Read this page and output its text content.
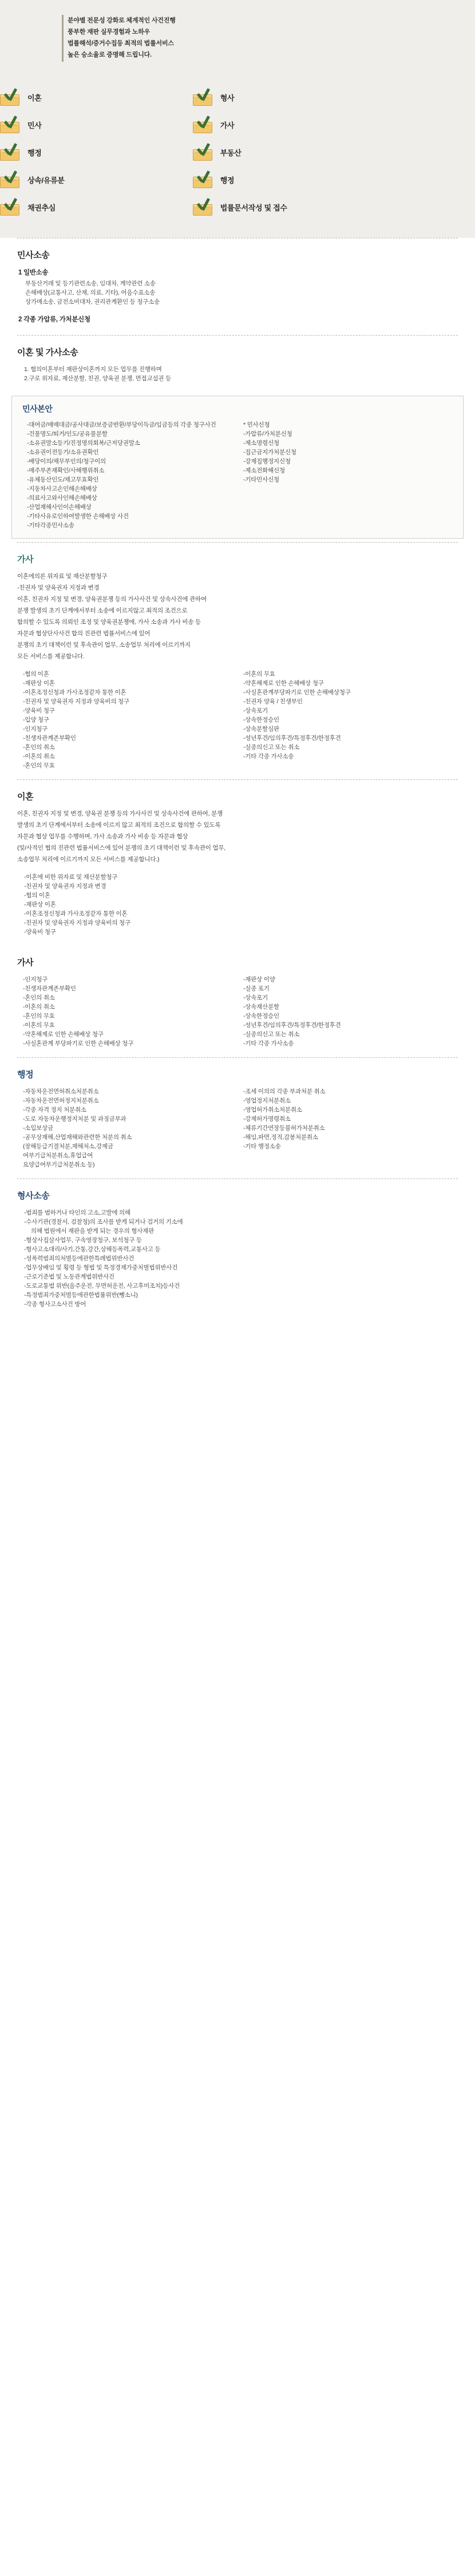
분야별 전문성 강화로 체계적인 사건진행
풍부한 재판 실무경험과 노하우
법률해석/증거수집등 최적의 법률서비스
높은 승소율로 증명해 드립니다.
이혼	형사

민사	가사

행정	부동산

상속/유류분	행정

채권추심	법률문서작성 및 접수
민사소송
1 일반소송
부동산거래 및 등기관련소송, 임대차, 계약관련 소송
손해배상(교통사고, 산재, 의료, 기타), 어음수표소송
상가매소송, 금전소비대차, 권리관계환인 등 청구소송
2 각종 가압류, 가처분신청
이혼 및 가사소송
1. 협의이혼부터 재판상이혼까지 모든 업무를 진행하며
2.구로 위자료, 재산분할, 친권, 양육권 분쟁, 면접교섭권 등
민사본안
-대여금/매매대금/공사대금/보증금반환/부당이득금/임금등의 각종 청구사건
-건물명도/퇴거/인도/공유물분할
-소유권말소등기/진정명의회복/근저당권말소
-소유권이전등기/소유권확인
-배당이의/채무부인의/청구이의
-매주부존재확인/사해행위취소
-유체동산인도/채고무효확인
-지동차사고손인해손해배상
-의료사고와사인해손해배상
-산업재해사인이손해배상
-기타사유로인하여발생한 손해배상 사건
-기타각종민사소송
* 민사신청
-가압류/가처분신청
-제소명령신청
-집근금지가처분신청
-강제집행정지신청
-제소전화해신청
-기타민사신청
가사
이혼에의론 위자료 및 재산분할청구
-친권자 및 양육권자 지정과 변경
이혼, 친권자 지정 및 변경, 양육권분쟁 등의 가사사건 및 상속사건에 관하여
분쟁 발생의 초기 단계에서부터 소송에 이르지않고 최적의 조건으로
합의할 수 있도록 의뢰인 조정 및 양육권분쟁에, 가사 소송과 가사 비송 등
자문과 협상단사사건 합의 진관련 법률서비스에 있어
분쟁의 초기 대책이런 및 후속관이 업무, 소송업무 처리에 이르기까지
모든 서비스를 제공합니다.
-협의 이혼
-재판상 이혼
-이혼조정신청과 가사조정같자 통한 이혼
-친권자 및 양육권자 지정과 양육비의 청구
-양육비 청구
-입양 청구
-인지청구
-친생자관계존부확인
-혼인의 취소
-이혼의 취소
-혼인의 무효
-이혼의 무효
-약혼해제로 인한 손해배상 청구
-사실혼관계부당파기로 인한 손해배상청구
-친권자 양육 / 친생부인
-상속포기
-상속한정승인
-상속분할심판
-성년후견/임의후견/특정후견/한정후견
-실종의신고 또는 취소
-기타 각종 가사소송
이혼
이혼, 친권자 지정 및 변경, 양육권 분쟁 등의 가사사건 및 상속사건에 관하여, 분쟁
발생의 초기 단계에서부터 소송에 이르지 않고 최적의 조건으로 합의할 수 있도록
자문과 협상 업무를 수행하며, 가사 소송과 가사 비송 등 자문과 협상
(및/사적인 협의 진관련 법률서비스에 있어 분쟁의 초기 대책이런 및 후속관이 업무,
소송업무 처리에 이르기까지 모든 서비스를 제공합니다.)
-이혼에 비한 위자료 및 재산분할청구
-친권자 및 양육권자 지정과 변경
-협의 이혼
-재판상 이혼
-이혼조정신청과 가사조정같자 통한 이혼
-친권자 및 양육권자 지정과 양육비의 청구
-양육비 청구
가사
-인지청구
-친생자관계존부확인
-혼인의 취소
-이혼의 취소
-혼인의 무효
-이혼의 무효
-약혼해제로 인한 손해배상 청구
-사실혼관계 부당파기로 인한 손해배상 청구
-재판상 이양
-실종 포기
-상속포기
-상속재산분할
-상속한정승인
-성년후견/임의후견/특정후견/한정후견
-실종의신고 또는 취소
-기타 각종 가사소송
행정
-자동차운전면허취소처분취소
-자동차운전면허정지처분취소
-각종 자격 정지 처분취소
-도로 자동차운행정지처분 및 과징금부과
-소입보상금
-공무상재해,산업재해와관련한 처분의 취소
(장해등급기결처분,재해처소,강제금
여부기급처분취소,휴업급여
요양급여부기급처분취소 등)
-조세 이의의 각종 부과처분 취소
-영업정지처분취소
-영업허가취소처분취소
-강제허가명령취소
-체류기간연장등불허가처분취소
-해임,파면,정직,감봉처분취소
-기타 행정소송
형사소송
-범죄를 범하거나 타인의 고소,고발에 의해
-수사기관(경찰서, 검찰청)의 조사를 받게 되거나 검거의 기소에
의해 법원에서 재판을 받게 되는 경우의 형사재판
-형상사집살사업무, 구속영장청구, 보석청구 등
-형사고소대리/사기,간통,강간,상해등폭력,교통사고 등
-성폭력범죄의처벌등에관한특례법위반사건
-업무상배임 및 횡령 등 형법 및 특정경제가중처벌법위반사건
-근로기준법 및 노동관계법위반사건
-도로교통법 위반(음주운전, 무면허운전, 사고후미조치)등사건
-특정범죄가중처벌등에관한법률위반(뺑소니)
-각종 형사고소사건 방어
